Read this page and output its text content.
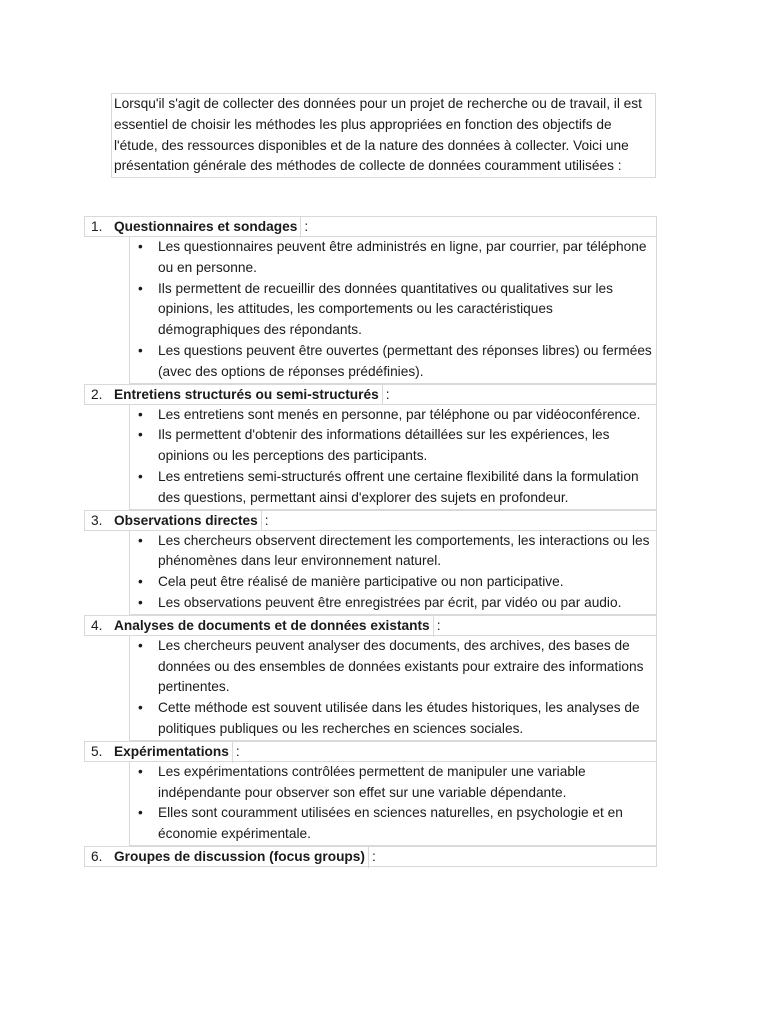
Lorsqu'il s'agit de collecter des données pour un projet de recherche ou de travail, il est essentiel de choisir les méthodes les plus appropriées en fonction des objectifs de l'étude, des ressources disponibles et de la nature des données à collecter. Voici une présentation générale des méthodes de collecte de données couramment utilisées :
1. Questionnaires et sondages :
• Les questionnaires peuvent être administrés en ligne, par courrier, par téléphone ou en personne.
• Ils permettent de recueillir des données quantitatives ou qualitatives sur les opinions, les attitudes, les comportements ou les caractéristiques démographiques des répondants.
• Les questions peuvent être ouvertes (permettant des réponses libres) ou fermées (avec des options de réponses prédéfinies).
2. Entretiens structurés ou semi-structurés :
• Les entretiens sont menés en personne, par téléphone ou par vidéoconférence.
• Ils permettent d'obtenir des informations détaillées sur les expériences, les opinions ou les perceptions des participants.
• Les entretiens semi-structurés offrent une certaine flexibilité dans la formulation des questions, permettant ainsi d'explorer des sujets en profondeur.
3. Observations directes :
• Les chercheurs observent directement les comportements, les interactions ou les phénomènes dans leur environnement naturel.
• Cela peut être réalisé de manière participative ou non participative.
• Les observations peuvent être enregistrées par écrit, par vidéo ou par audio.
4. Analyses de documents et de données existants :
• Les chercheurs peuvent analyser des documents, des archives, des bases de données ou des ensembles de données existants pour extraire des informations pertinentes.
• Cette méthode est souvent utilisée dans les études historiques, les analyses de politiques publiques ou les recherches en sciences sociales.
5. Expérimentations :
• Les expérimentations contrôlées permettent de manipuler une variable indépendante pour observer son effet sur une variable dépendante.
• Elles sont couramment utilisées en sciences naturelles, en psychologie et en économie expérimentale.
6. Groupes de discussion (focus groups) :
